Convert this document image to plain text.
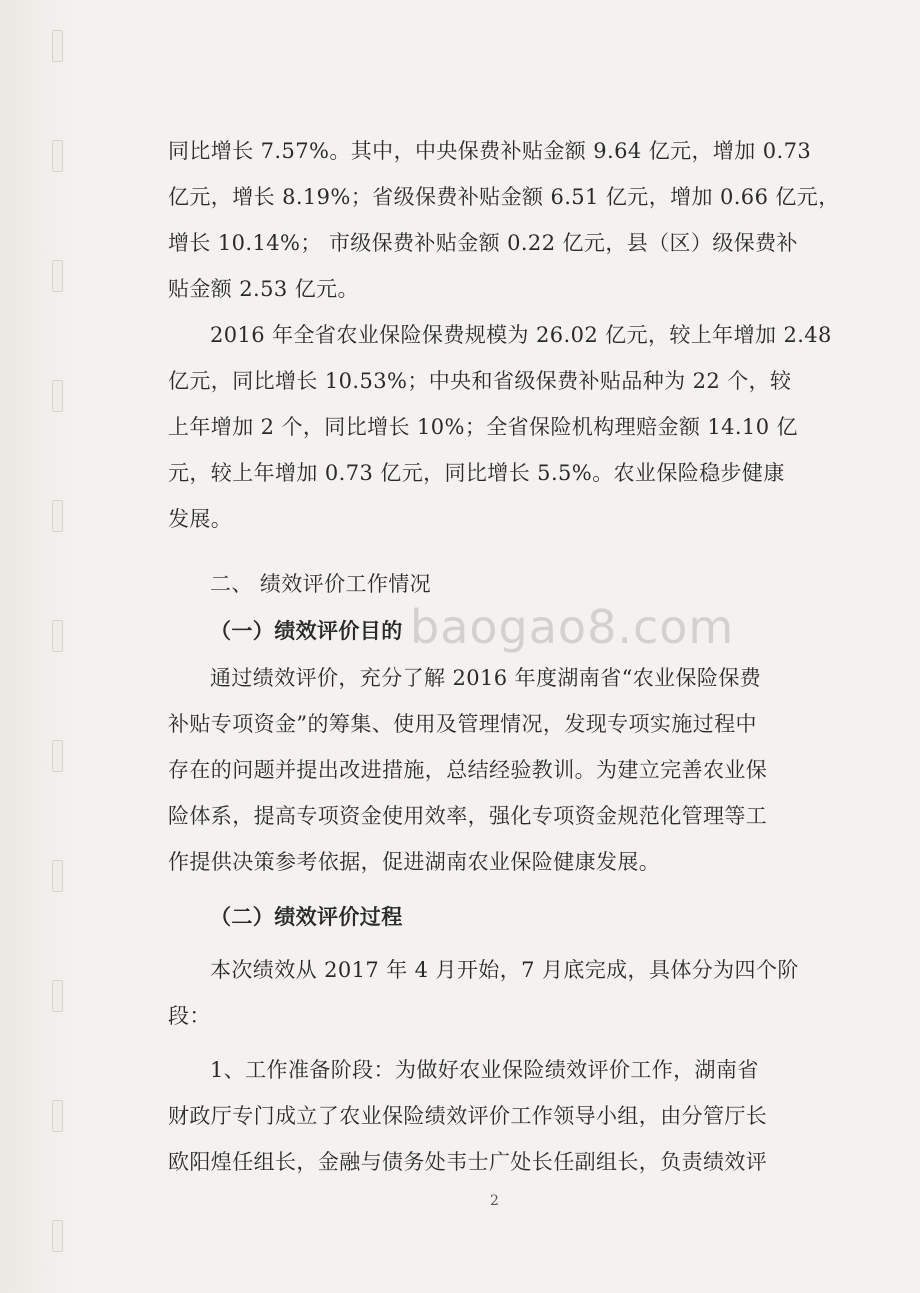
baogao8.com
同比增长 7.57%。其中，中央保费补贴金额 9.64 亿元，增加 0.73
亿元，增长 8.19%；省级保费补贴金额 6.51 亿元，增加 0.66 亿元，
增长 10.14%； 市级保费补贴金额 0.22 亿元，县（区）级保费补
贴金额 2.53 亿元。
2016 年全省农业保险保费规模为 26.02 亿元，较上年增加 2.48
亿元，同比增长 10.53%；中央和省级保费补贴品种为 22 个，较
上年增加 2 个，同比增长 10%；全省保险机构理赔金额 14.10 亿
元，较上年增加 0.73 亿元，同比增长 5.5%。农业保险稳步健康
发展。
二、 绩效评价工作情况
（一）绩效评价目的
通过绩效评价，充分了解 2016 年度湖南省“农业保险保费
补贴专项资金”的筹集、使用及管理情况，发现专项实施过程中
存在的问题并提出改进措施，总结经验教训。为建立完善农业保
险体系，提高专项资金使用效率，强化专项资金规范化管理等工
作提供决策参考依据，促进湖南农业保险健康发展。
（二）绩效评价过程
本次绩效从 2017 年 4 月开始，7 月底完成，具体分为四个阶
段：
1、工作准备阶段：为做好农业保险绩效评价工作，湖南省
财政厅专门成立了农业保险绩效评价工作领导小组，由分管厅长
欧阳煌任组长，金融与债务处韦士广处长任副组长，负责绩效评
2
